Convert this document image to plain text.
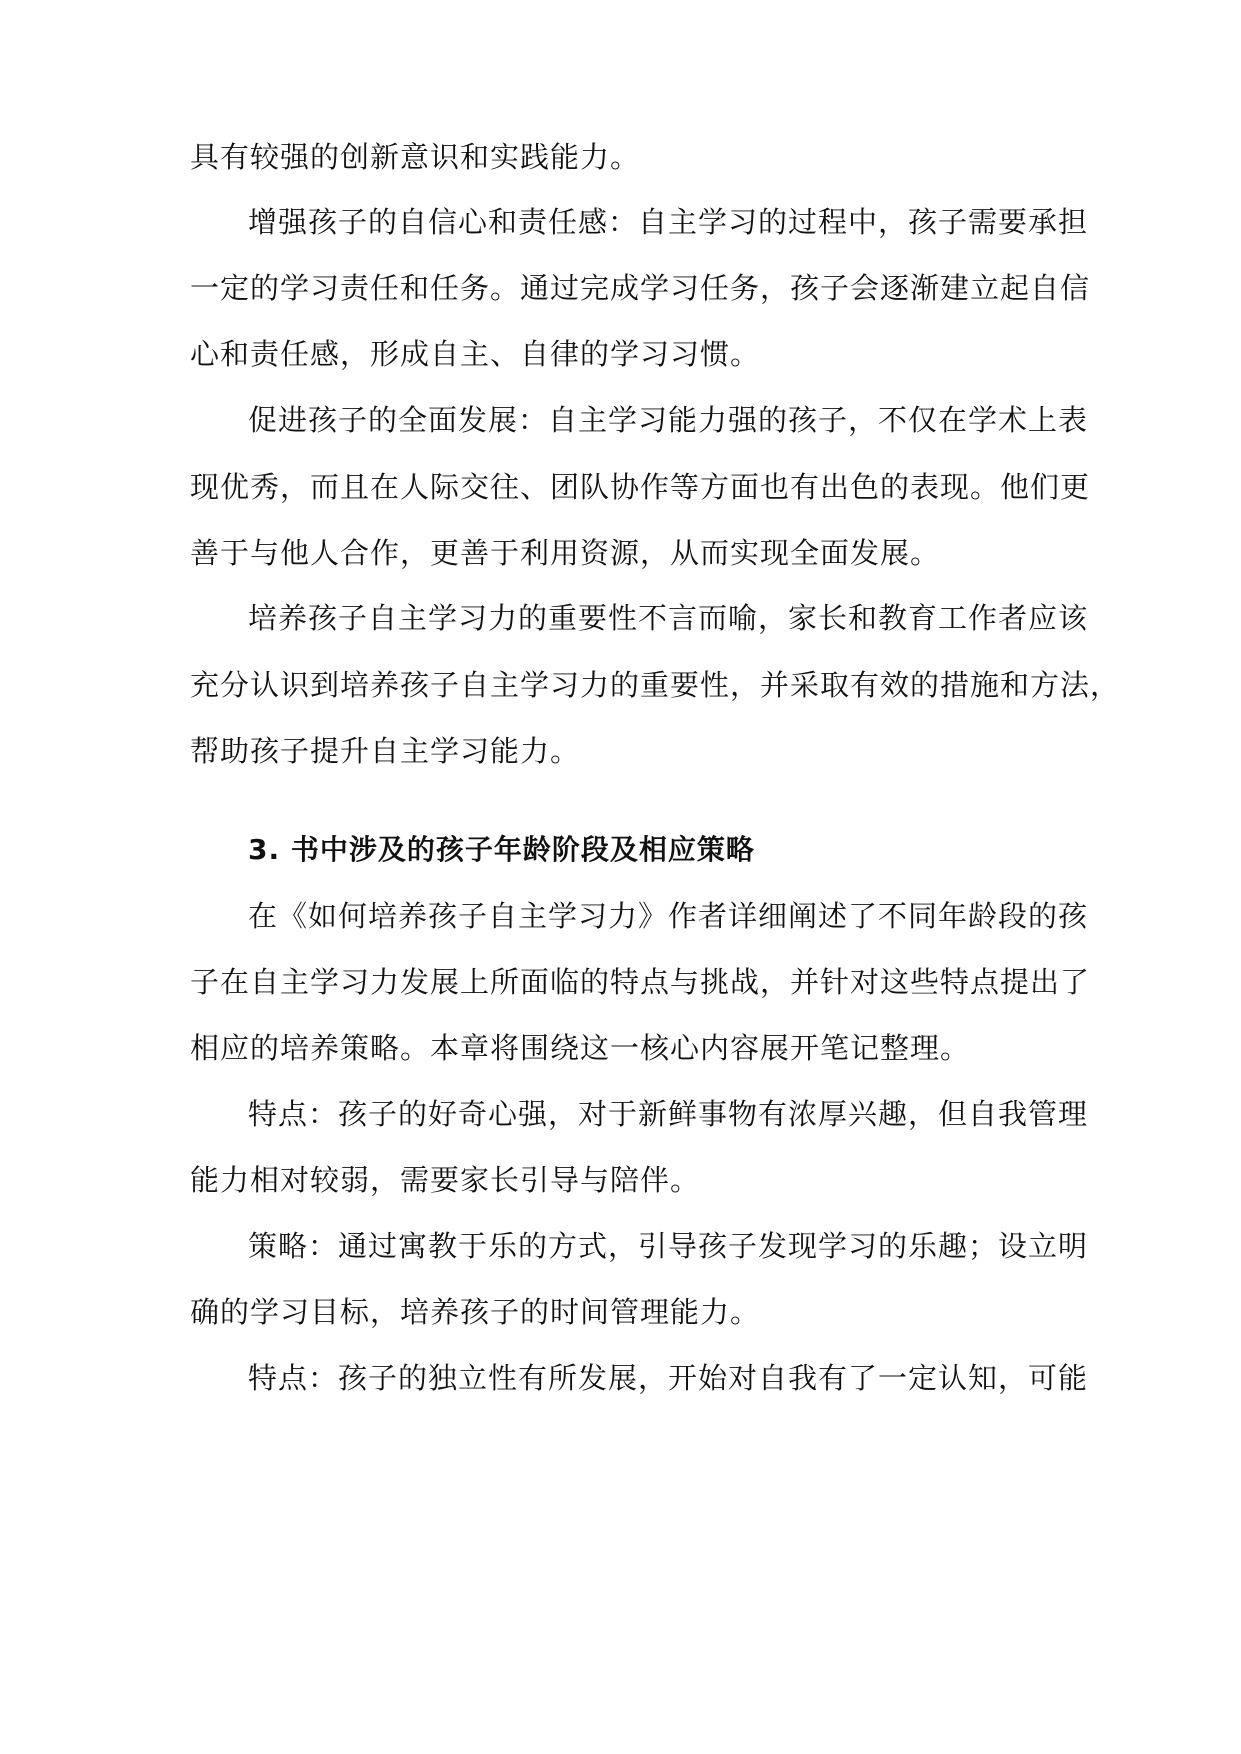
具有较强的创新意识和实践能力。
增强孩子的自信心和责任感：自主学习的过程中，孩子需要承担
一定的学习责任和任务。通过完成学习任务，孩子会逐渐建立起自信
心和责任感，形成自主、自律的学习习惯。
促进孩子的全面发展：自主学习能力强的孩子，不仅在学术上表
现优秀，而且在人际交往、团队协作等方面也有出色的表现。他们更
善于与他人合作，更善于利用资源，从而实现全面发展。
培养孩子自主学习力的重要性不言而喻，家长和教育工作者应该
充分认识到培养孩子自主学习力的重要性，并采取有效的措施和方法，
帮助孩子提升自主学习能力。
3. 书中涉及的孩子年龄阶段及相应策略
在《如何培养孩子自主学习力》作者详细阐述了不同年龄段的孩
子在自主学习力发展上所面临的特点与挑战，并针对这些特点提出了
相应的培养策略。本章将围绕这一核心内容展开笔记整理。
特点：孩子的好奇心强，对于新鲜事物有浓厚兴趣，但自我管理
能力相对较弱，需要家长引导与陪伴。
策略：通过寓教于乐的方式，引导孩子发现学习的乐趣；设立明
确的学习目标，培养孩子的时间管理能力。
特点：孩子的独立性有所发展，开始对自我有了一定认知，可能
